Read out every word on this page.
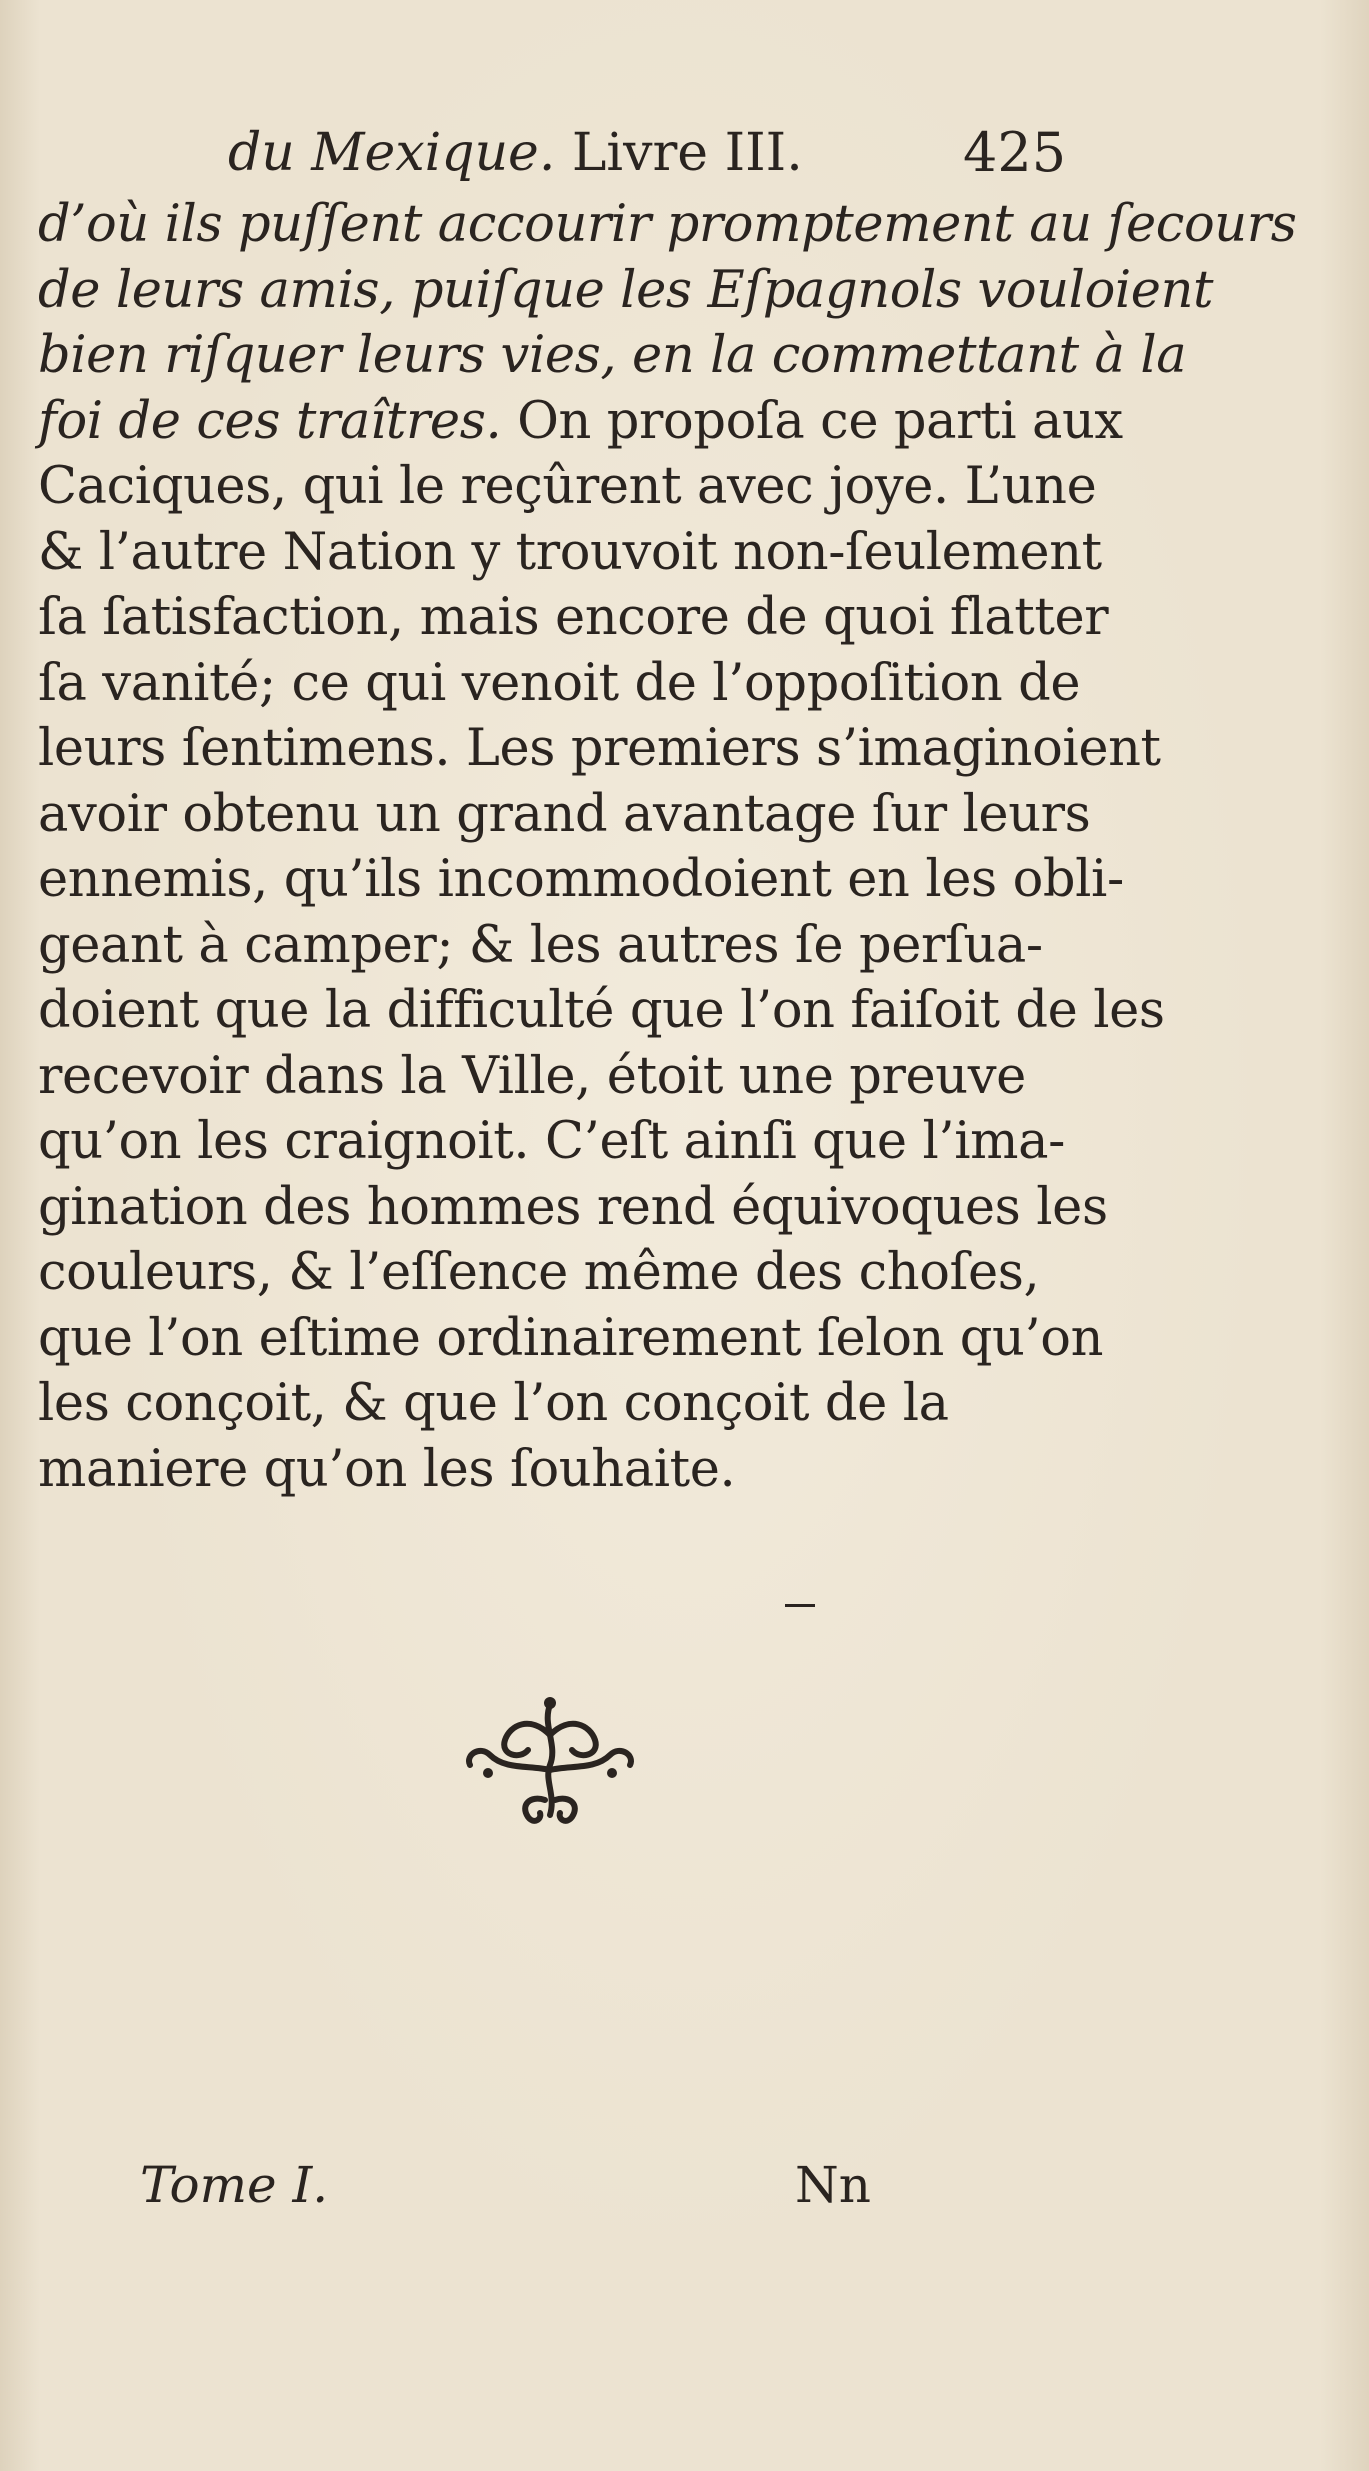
du Mexique. Livre III.	425
d’où ils puſſent accourir promptement au ſecours
de leurs amis, puiſque les Eſpagnols vouloient
bien riſquer leurs vies, en la commettant à la
foi de ces traîtres. On propoſa ce parti aux
Caciques, qui le reçûrent avec joye. L’une
& l’autre Nation y trouvoit non-ſeulement
ſa ſatisfaction, mais encore de quoi flatter
ſa vanité; ce qui venoit de l’oppoſition de
leurs ſentimens. Les premiers s’imaginoient
avoir obtenu un grand avantage ſur leurs
ennemis, qu’ils incommodoient en les obli-
geant à camper; & les autres ſe perſua-
doient que la difficulté que l’on faiſoit de les
recevoir dans la Ville, étoit une preuve
qu’on les craignoit. C’eſt ainſi que l’ima-
gination des hommes rend équivoques les
couleurs, & l’eſſence même des choſes,
que l’on eſtime ordinairement ſelon qu’on
les conçoit, & que l’on conçoit de la
maniere qu’on les ſouhaite.
Tome I.	Nn
